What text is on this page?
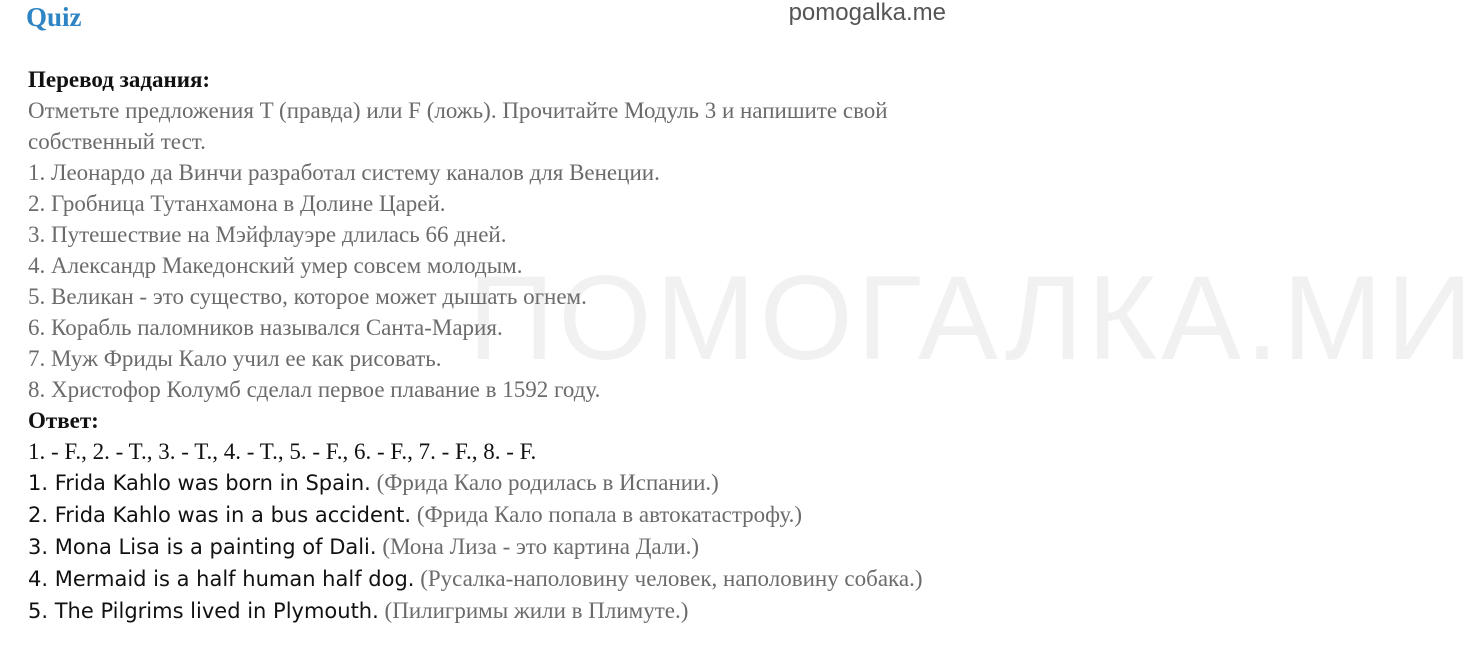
Quiz	pomogalka.me
ПОМОГАЛКА.МИ
Перевод задания:
Отметьте предложения T (правда) или F (ложь). Прочитайте Модуль 3 и напишите свой собственный тест.
1. Леонардо да Винчи разработал систему каналов для Венеции.
2. Гробница Тутанхамона в Долине Царей.
3. Путешествие на Мэйфлауэре длилась 66 дней.
4. Александр Македонский умер совсем молодым.
5. Великан - это существо, которое может дышать огнем.
6. Корабль паломников назывался Санта-Мария.
7. Муж Фриды Кало учил ее как рисовать.
8. Христофор Колумб сделал первое плавание в 1592 году.
Ответ:
1. - F., 2. - T., 3. - T., 4. - T., 5. - F., 6. - F., 7. - F., 8. - F.
1. Frida Kahlo was born in Spain. (Фрида Кало родилась в Испании.)
2. Frida Kahlo was in a bus accident. (Фрида Кало попала в автокатастрофу.)
3. Mona Lisa is a painting of Dali. (Мона Лиза - это картина Дали.)
4. Mermaid is a half human half dog. (Русалка-наполовину человек, наполовину собака.)
5. The Pilgrims lived in Plymouth. (Пилигримы жили в Плимуте.)
